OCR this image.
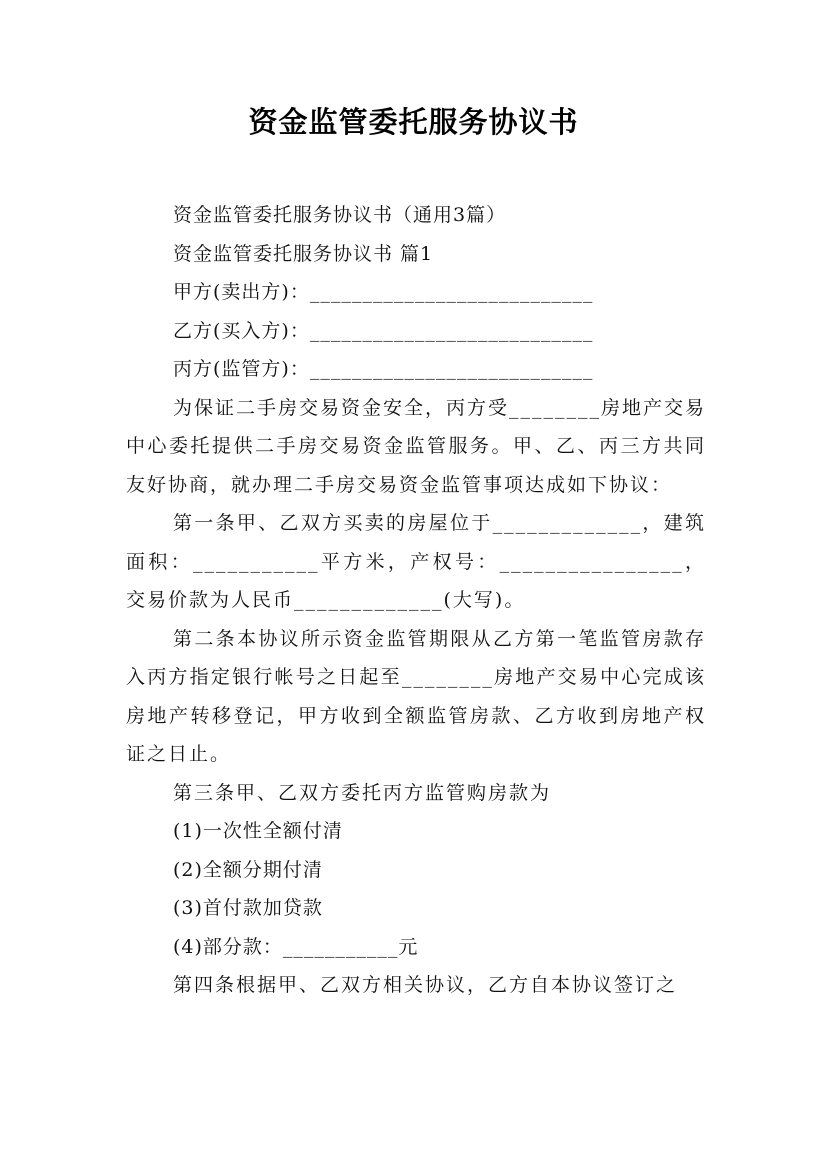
资金监管委托服务协议书
资金监管委托服务协议书（通用3篇）
资金监管委托服务协议书 篇1
甲方(卖出方)：___________________________
乙方(买入方)：___________________________
丙方(监管方)：___________________________
为保证二手房交易资金安全，丙方受________房地产交易中心委托提供二手房交易资金监管服务。甲、乙、丙三方共同友好协商，就办理二手房交易资金监管事项达成如下协议：
第一条甲、乙双方买卖的房屋位于_____________，建筑面积：___________平方米，产权号：________________，交易价款为人民币_____________(大写)。
第二条本协议所示资金监管期限从乙方第一笔监管房款存入丙方指定银行帐号之日起至________房地产交易中心完成该房地产转移登记，甲方收到全额监管房款、乙方收到房地产权证之日止。
第三条甲、乙双方委托丙方监管购房款为
(1)一次性全额付清
(2)全额分期付清
(3)首付款加贷款
(4)部分款：___________元
第四条根据甲、乙双方相关协议，乙方自本协议签订之
